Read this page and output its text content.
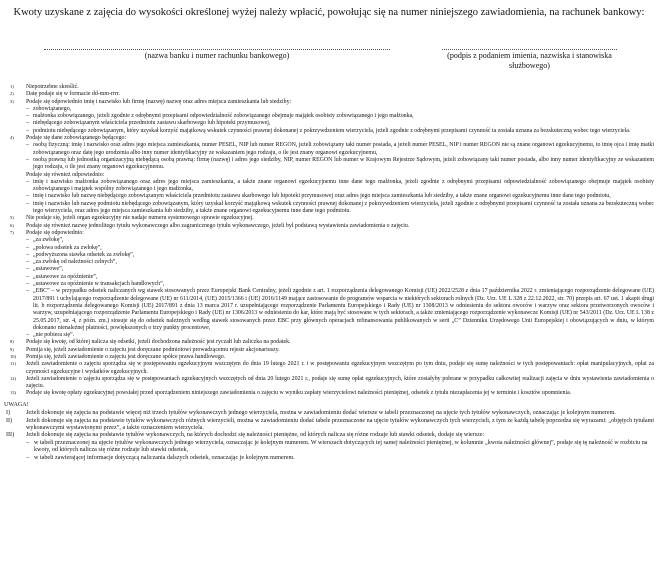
Kwoty uzyskane z zajęcia do wysokości określonej wyżej należy wpłacić, powołując się na numer niniejszego zawiadomienia, na rachunek bankowy:
(nazwa banku i numer rachunku bankowego)	(podpis z podaniem imienia, nazwiska i stanowiska służbowego)
1)	Niepotrzebne skreślić.
2)	Datę podaje się w formacie dd-mm-rrrr.
3)	Podaje się odpowiednio imię i nazwisko lub firmę (nazwę) nazwę oraz adres miejsca zamieszkania lub siedziby:
– zobowiązanego,
– małżonka zobowiązanego, jeżeli zgodnie z odrębnymi przepisami odpowiedzialność zobowiązanego obejmuje majątek osobisty zobowiązanego i jego małżonka,
– niebędącego zobowiązanym właściciela przedmiotu zastawu skarbowego lub hipoteki przymusowej,
– podmiotu niebędącego zobowiązanym, który uzyskał korzyść majątkową wskutek czynności prawnej dokonanej z pokrzywdzeniem wierzyciela, jeżeli zgodnie z odrębnymi przepisami czynność ta została uznana za bezskuteczną wobec tego wierzyciela.
4)	Podaje się dane zobowiązanego będącego:
– osobą fizyczną: imię i nazwisko oraz adres jego miejsca zamieszkania, numer PESEL, NIP lub numer REGON, jeżeli zobowiązany taki numer posiada, a jeżeli numer PESEL, NIP i numer REGON nie są znane organowi egzekucyjnemu, to imię ojca i imię matki zobowiązanego oraz datę jego urodzenia albo inny numer identyfikacyjny ze wskazaniem jego rodzaju, o ile jest znany organowi egzekucyjnemu,
– osobą prawną lub jednostką organizacyjną niebędącą osobą prawną: firmę (nazwę) i adres jego siedziby, NIP, numer REGON lub numer w Krajowym Rejestrze Sądowym, jeżeli zobowiązany taki numer posiada, albo inny numer identyfikacyjny ze wskazaniem jego rodzaju, o ile jest znany organowi egzekucyjnemu.
Podaje się również odpowiednio:
– imię i nazwisko małżonka zobowiązanego oraz adres jego miejsca zamieszkania, a także znane organowi egzekucyjnemu inne dane tego małżonka, jeżeli zgodnie z odrębnymi przepisami odpowiedzialność zobowiązanego obejmuje majątek osobisty zobowiązanego i majątek wspólny zobowiązanego i jego małżonka,
– imię i nazwisko lub nazwę niebędącego zobowiązanym właściciela przedmiotu zastawu skarbowego lub hipoteki przymusowej oraz adres jego miejsca zamieszkania lub siedziby, a także znane organowi egzekucyjnemu inne dane tego podmiotu,
– imię i nazwisko lub nazwę podmiotu niebędącego zobowiązanym, który uzyskał korzyść majątkową wskutek czynności prawnej dokonanej z pokrzywdzeniem wierzyciela, jeżeli zgodnie z odrębnymi przepisami czynność ta została uznana za bezskuteczną wobec tego wierzyciela, oraz adres jego miejsca zamieszkania lub siedziby, a także znane organowi egzekucyjnemu inne dane tego podmiotu.
5)	Nie podaje się, jeżeli organ egzekucyjny nie nadaje numeru systemowego sprawie egzekucyjnej.
6)	Podaje się również nazwę jednolitego tytułu wykonawczego albo zagranicznego tytułu wykonawczego, jeżeli był podstawą wystawienia zawiadomienia o zajęciu.
7)	Podaje się odpowiednio:
– „za zwłokę”,
– „połowa odsetek za zwłokę”,
– „podwyższona stawka odsetek za zwłokę”,
– „za zwłokę od należności celnych”,
– „ustawowe”,
– „ustawowe za opóźnienie”,
– „ustawowe za opóźnienie w transakcjach handlowych”,
– „EBC” – w przypadku odsetek naliczanych wg stawek stosowanych przez Europejski Bank Centralny, jeżeli zgodnie z art. 1 rozporządzenia delegowanego Komisji (UE) 2022/2528 z dnia 17 października 2022 r. zmieniającego rozporządzenie delegowane (UE) 2017/891 i uchylającego rozporządzenie delegowane (UE) nr 611/2014, (UE) 2015/1366 i (UE) 2016/1149 mające zastosowanie do programów wsparcia w niektórych sektorach rolnych (Dz. Urz. UE L 328 z 22.12.2022, str. 70) przepis art. 67 ust. 1 akapit drugi lit. b rozporządzenia delegowanego Komisji (UE) 2017/891 z dnia 13 marca 2017 r. uzupełniającego rozporządzenie Parlamentu Europejskiego i Rady (UE) nr 1308/2013 w odniesieniu do sektora owoców i warzyw oraz sektora przetworzonych owoców i warzyw, uzupełniającego rozporządzenie Parlamentu Europejskiego i Rady (UE) nr 1306/2013 w odniesieniu do kar, które mają być stosowane w tych sektorach, a także zmieniającego rozporządzenie wykonawcze Komisji (UE) nr 543/2011 (Dz. Urz. UE L 138 z 25.05.2017, str. 4, z późn. zm.) stosuje się do odsetek należnych według stawek stosowanych przez EBC przy głównych operacjach refinansowania publikowanych w serii „C” Dzienniku Urzędowego Unii Europejskiej i obowiązujących w dniu, w którym dokonano nienależnej płatności, powiększonych o trzy punkty procentowe,
– „nie pobiera się”.
8)	Podaje się kwotę, od której nalicza się odsetki, jeżeli dochodzona należność jest ryczałt lub zaliczka na podatek.
9)	Pomija się, jeżeli zawiadomienie o zajęciu jest doręczane podmiotowi prowadzącemu rejestr akcjonariuszy.
10)	Pomija się, jeżeli zawiadomienie o zajęciu jest doręczane spółce prawa handlowego.
11)	Jeżeli zawiadomienie o zajęciu sporządza się w postępowaniu egzekucyjnym wszczętym do dnia 19 lutego 2021 r. i w postępowaniu egzekucyjnym wszczętym po tym dniu, podaje się sumę należności w tych postępowaniach: opłat manipulacyjnych, opłat za czynności egzekucyjne i wydatków egzekucyjnych.
12)	Jeżeli zawiadomienie o zajęciu sporządza się w postępowaniach egzekucyjnych wszczętych od dnia 20 lutego 2021 r., podaje się sumę opłat egzekucyjnych, które zostałyby pobrane w przypadku całkowitej realizacji zajęcia w dniu wystawienia zawiadomienia o zajęciu.
13)	Podaje się kwotę opłaty egzekucyjnej powstałej przed sporządzeniem niniejszego zawiadomienia o zajęciu w wyniku zapłaty wierzycielowi należności pieniężnej, odsetek z tytułu niezapłacenia jej w terminie i kosztów upomnienia.
UWAGA!
I)	Jeżeli dokonuje się zajęcia na podstawie więcej niż trzech tytułów wykonawczych jednego wierzyciela, można w zawiadomieniu dodać wiersze w tabeli przeznaczonej na ujęcie tych tytułów wykonawczych, oznaczając je kolejnym numerem.
II)	Jeżeli dokonuje się zajęcia na podstawie tytułów wykonawczych różnych wierzycieli, można w zawiadomieniu dodać tabele przeznaczone na ujęcie tytułów wykonawczych tych wierzycieli, z tym że każdą tabelę poprzedza się wyrazami: „objętych tytułami wykonawczymi wystawionymi przez”, a także oznaczeniem wierzyciela.
III)	Jeżeli dokonuje się zajęcia na podstawie tytułów wykonawczych, na których dochodzi się należności pieniężne, od których nalicza się różne rodzaje lub stawki odsetek, dodaje się wiersze:
– w tabeli przeznaczonej na ujęcie tytułów wykonawczych jednego wierzyciela, oznaczając je kolejnym numerem. W wierszach dotyczących tej samej należności pieniężnej, w kolumnie „kwota należności głównej”, podaje się tę należność w rozbiciu na kwoty, od których nalicza się różne rodzaje lub stawki odsetek,
– w tabeli zawierającej informacje dotyczącą naliczania dalszych odsetek, oznaczając je kolejnym numerem.
